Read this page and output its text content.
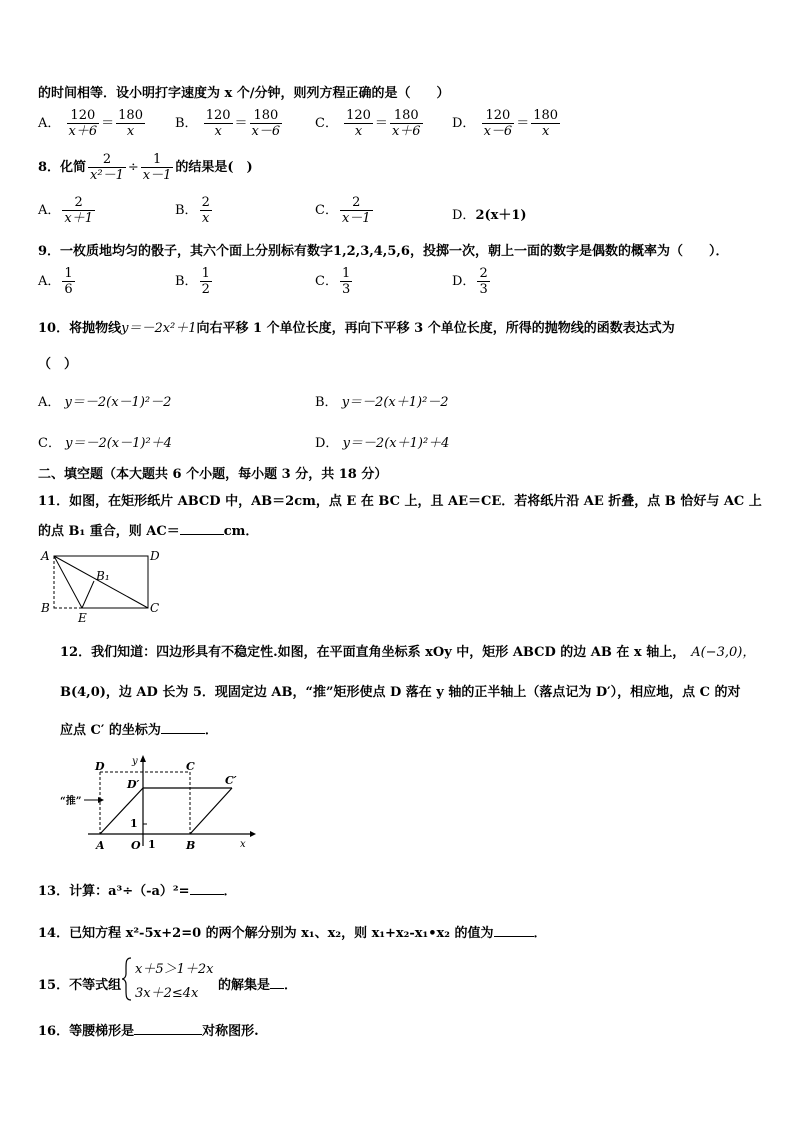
的时间相等．设小明打字速度为 x 个/分钟，则列方程正确的是（　　）
A． $\frac{120}{x+6} = \frac{180}{x}$ B． $\frac{120}{x} = \frac{180}{x-6}$	C． $\frac{120}{x} = \frac{180}{x+6}$ D． $\frac{120}{x-6} = \frac{180}{x}$
8．化简 $\frac{2}{\text{x²－1}} \div \frac{1}{x-1}$ 的结果是(　)
A． $\frac{2}{x+1}$	B． $\frac{2}{x}$	C． $\frac{2}{x-1}$	D．2(x＋1)
9．一枚质地均匀的骰子，其六个面上分别标有数字1,2,3,4,5,6，投掷一次，朝上一面的数字是偶数的概率为（　　）．
A． $\frac{1}{6}$	B． $\frac{1}{2}$	C． $\frac{1}{3}$	D． $\frac{2}{3}$
10．将抛物线y＝－2x²＋1向右平移 1 个单位长度，再向下平移 3 个单位长度，所得的抛物线的函数表达式为
（　）
A． y＝－2(x－1)²－2	B． y＝－2(x＋1)²－2
C． y＝－2(x－1)²＋4	D． y＝－2(x＋1)²＋4
二、填空题（本大题共 6 个小题，每小题 3 分，共 18 分）
11．如图，在矩形纸片 ABCD 中，AB＝2cm，点 E 在 BC 上，且 AE＝CE．若将纸片沿 AE 折叠，点 B 恰好与 AC 上
的点 B₁ 重合，则 AC＝	cm．
A	D
B₁
B
E
C
12．我们知道：四边形具有不稳定性.如图，在平面直角坐标系 xOy 中，矩形 ABCD 的边 AB 在 x 轴上， A(−3,0)，
B(4,0)，边 AD 长为 5．现固定边 AB，“推”矩形使点 D 落在 y 轴的正半轴上（落点记为 D′），相应地，点 C 的对
应点 C′ 的坐标为	．
D	C
C′
D′
y
x
“推”
1
A O 1	B
13．计算：a³÷（-a）²=	．
14．已知方程 x²-5x+2=0 的两个解分别为 x₁、x₂，则 x₁+x₂-x₁•x₂ 的值为	．
15．不等式组
x＋5＞1＋2x
3x＋2≤4x
的解集是 ．
16．等腰梯形是	对称图形.
